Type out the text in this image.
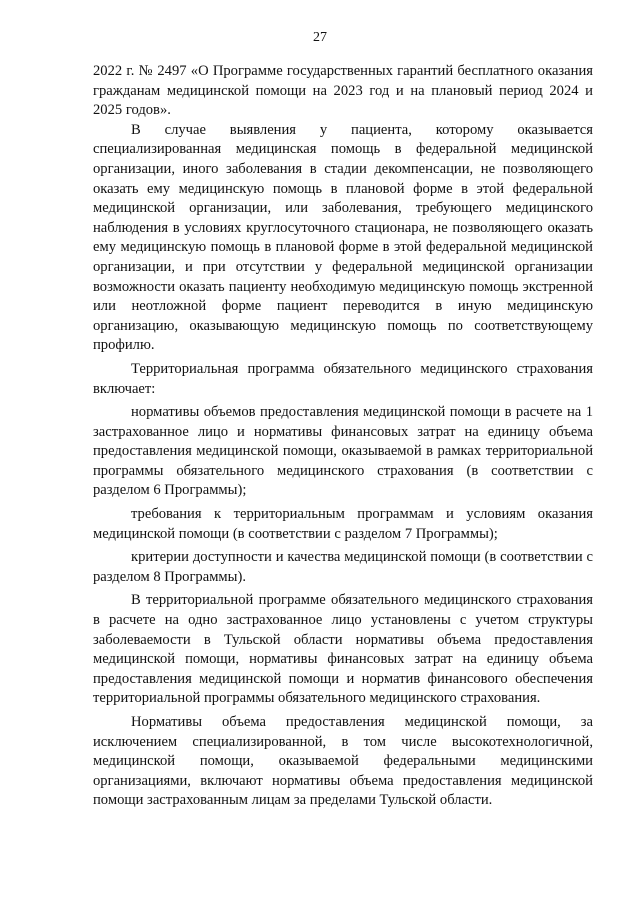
27

2022 г. № 2497 «О Программе государственных гарантий бесплатного оказания гражданам медицинской помощи на 2023 год и на плановый период 2024 и 2025 годов».

В случае выявления у пациента, которому оказывается специализированная медицинская помощь в федеральной медицинской организации, иного заболевания в стадии декомпенсации, не позволяющего оказать ему медицинскую помощь в плановой форме в этой федеральной медицинской организации, или заболевания, требующего медицинского наблюдения в условиях круглосуточного стационара, не позволяющего оказать ему медицинскую помощь в плановой форме в этой федеральной медицинской организации, и при отсутствии у федеральной медицинской организации возможности оказать пациенту необходимую медицинскую помощь экстренной или неотложной форме пациент переводится в иную медицинскую организацию, оказывающую медицинскую помощь по соответствующему профилю.

Территориальная программа обязательного медицинского страхования включает:

нормативы объемов предоставления медицинской помощи в расчете на 1 застрахованное лицо и нормативы финансовых затрат на единицу объема предоставления медицинской помощи, оказываемой в рамках территориальной программы обязательного медицинского страхования (в соответствии с разделом 6 Программы);

требования к территориальным программам и условиям оказания медицинской помощи (в соответствии с разделом 7 Программы);

критерии доступности и качества медицинской помощи (в соответствии с разделом 8 Программы).

В территориальной программе обязательного медицинского страхования в расчете на одно застрахованное лицо установлены с учетом структуры заболеваемости в Тульской области нормативы объема предоставления медицинской помощи, нормативы финансовых затрат на единицу объема предоставления медицинской помощи и норматив финансового обеспечения территориальной программы обязательного медицинского страхования.

Нормативы объема предоставления медицинской помощи, за исключением специализированной, в том числе высокотехнологичной, медицинской помощи, оказываемой федеральными медицинскими организациями, включают нормативы объема предоставления медицинской помощи застрахованным лицам за пределами Тульской области.
